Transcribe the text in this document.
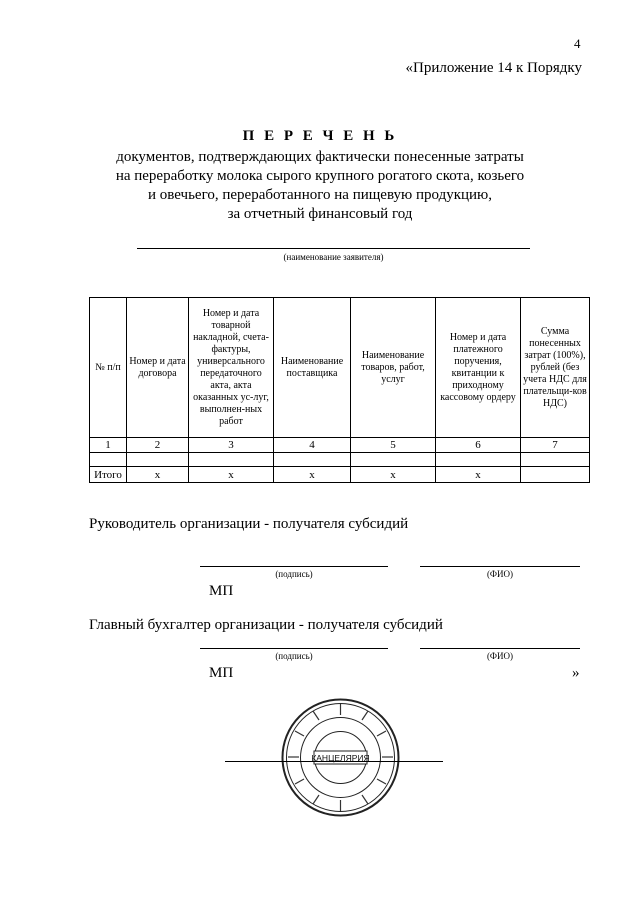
4
«Приложение 14 к Порядку
П Е Р Е Ч Е Н Ь
документов, подтверждающих фактически понесенные затраты
на переработку молока сырого крупного рогатого скота, козьего
и овечьего, переработанного на пищевую продукцию,
за отчетный финансовый год
(наименование заявителя)
№ п/п	Номер и дата договора	Номер и дата товарной накладной, счета-фактуры, универсального передаточного акта, акта оказанных ус-луг, выполнен-ных работ	Наименование поставщика	Наименование товаров, работ, услуг	Номер и дата платежного поручения, квитанции к приходному кассовому ордеру	Сумма понесенных затрат (100%), рублей (без учета НДС для плательщи-ков НДС)
1	2	3	4	5	6	7

Итого	x	x	x	x	x	
Руководитель организации - получателя субсидий
(подпись)	(ФИО)
МП
Главный бухгалтер организации - получателя субсидий
(подпись)	(ФИО)
МП	»
КАНЦЕЛЯРИЯ
